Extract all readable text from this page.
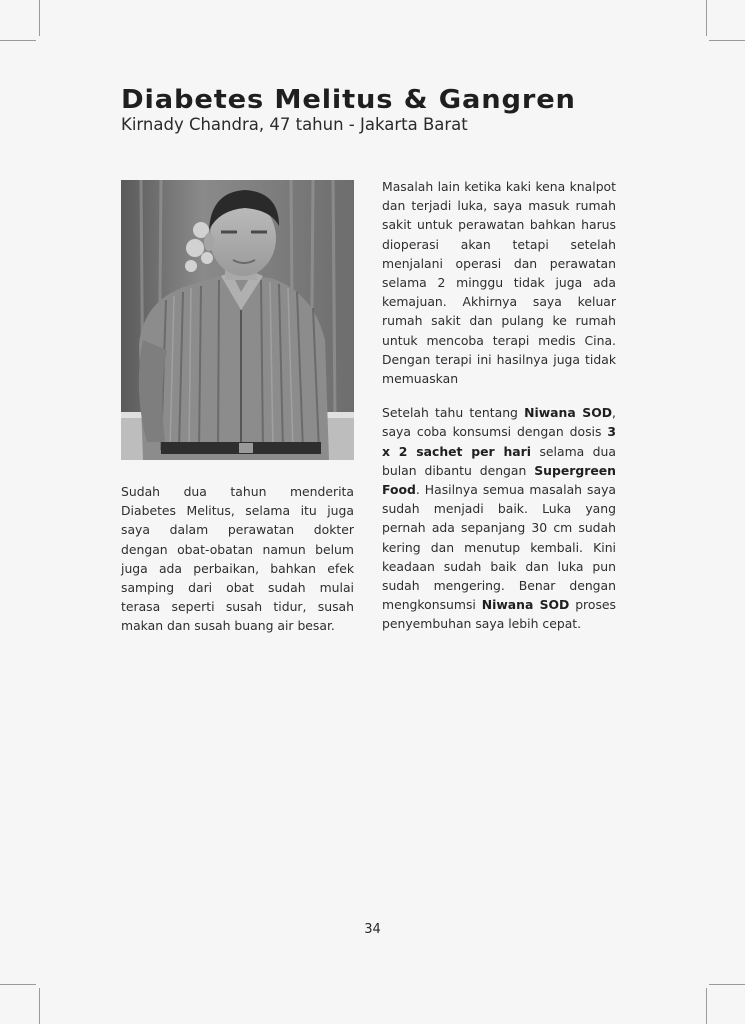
Diabetes Melitus & Gangren
Kirnady Chandra, 47 tahun - Jakarta Barat

Sudah dua tahun menderita Diabetes Melitus, selama itu juga saya dalam perawatan dokter dengan obat-obatan namun belum juga ada perbaikan, bahkan efek samping dari obat sudah mulai terasa seperti susah tidur, susah makan dan susah buang air besar.

Masalah lain ketika kaki kena knalpot dan terjadi luka, saya masuk rumah sakit untuk perawatan bahkan harus dioperasi akan tetapi setelah menjalani operasi dan perawatan selama 2 minggu tidak juga ada kemajuan. Akhirnya saya keluar rumah sakit dan pulang ke rumah untuk mencoba terapi medis Cina. Dengan terapi ini hasilnya juga tidak memuaskan

Setelah tahu tentang Niwana SOD, saya coba konsumsi dengan dosis 3 x 2 sachet per hari selama dua bulan dibantu dengan Supergreen Food. Hasilnya semua masalah saya sudah menjadi baik. Luka yang pernah ada sepanjang 30 cm sudah kering dan menutup kembali. Kini keadaan sudah baik dan luka pun sudah mengering. Benar dengan mengkonsumsi Niwana SOD proses penyembuhan saya lebih cepat.

34
